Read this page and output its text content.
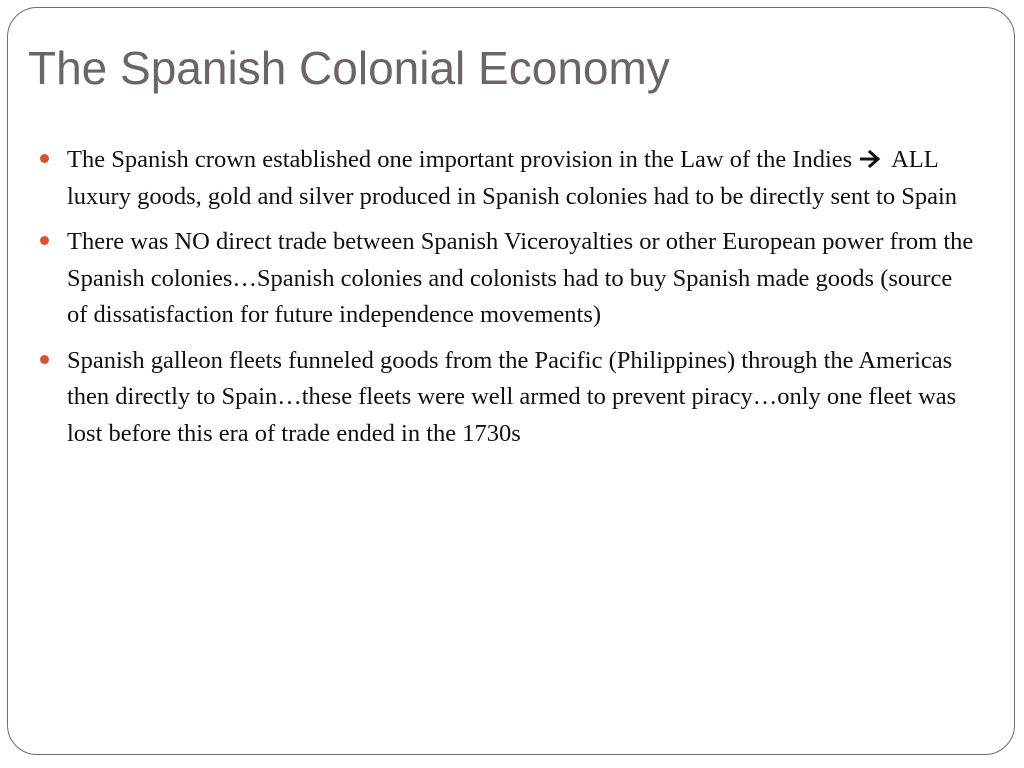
The Spanish Colonial Economy
The Spanish crown established one important provision in the Law of the Indies ALL luxury goods, gold and silver produced in Spanish colonies had to be directly sent to Spain
There was NO direct trade between Spanish Viceroyalties or other European power from the Spanish colonies…Spanish colonies and colonists had to buy Spanish made goods (source of dissatisfaction for future independence movements)
Spanish galleon fleets funneled goods from the Pacific (Philippines) through the Americas then directly to Spain…these fleets were well armed to prevent piracy…only one fleet was lost before this era of trade ended in the 1730s
